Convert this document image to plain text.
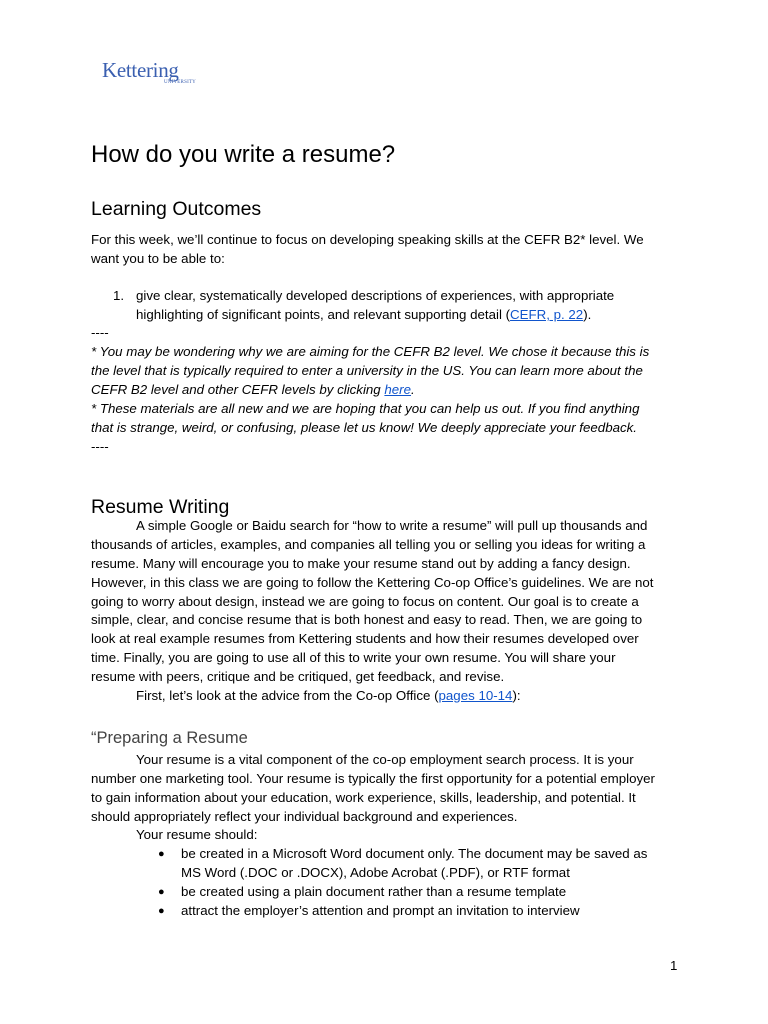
Kettering
UNIVERSITY
How do you write a resume?
Learning Outcomes
For this week, we’ll continue to focus on developing speaking skills at the CEFR B2* level. We
want you to be able to:
1. give clear, systematically developed descriptions of experiences, with appropriate
highlighting of significant points, and relevant supporting detail (CEFR, p. 22).
----
* You may be wondering why we are aiming for the CEFR B2 level. We chose it because this is
the level that is typically required to enter a university in the US. You can learn more about the
CEFR B2 level and other CEFR levels by clicking here.
* These materials are all new and we are hoping that you can help us out. If you find anything
that is strange, weird, or confusing, please let us know! We deeply appreciate your feedback.
----
Resume Writing
A simple Google or Baidu search for “how to write a resume” will pull up thousands and
thousands of articles, examples, and companies all telling you or selling you ideas for writing a
resume. Many will encourage you to make your resume stand out by adding a fancy design.
However, in this class we are going to follow the Kettering Co-op Office’s guidelines. We are not
going to worry about design, instead we are going to focus on content. Our goal is to create a
simple, clear, and concise resume that is both honest and easy to read. Then, we are going to
look at real example resumes from Kettering students and how their resumes developed over
time. Finally, you are going to use all of this to write your own resume. You will share your
resume with peers, critique and be critiqued, get feedback, and revise.
First, let’s look at the advice from the Co-op Office (pages 10-14):
“Preparing a Resume
Your resume is a vital component of the co-op employment search process. It is your
number one marketing tool. Your resume is typically the first opportunity for a potential employer
to gain information about your education, work experience, skills, leadership, and potential. It
should appropriately reflect your individual background and experiences.
Your resume should:
● be created in a Microsoft Word document only. The document may be saved as
MS Word (.DOC or .DOCX), Adobe Acrobat (.PDF), or RTF format
● be created using a plain document rather than a resume template
● attract the employer’s attention and prompt an invitation to interview
1
